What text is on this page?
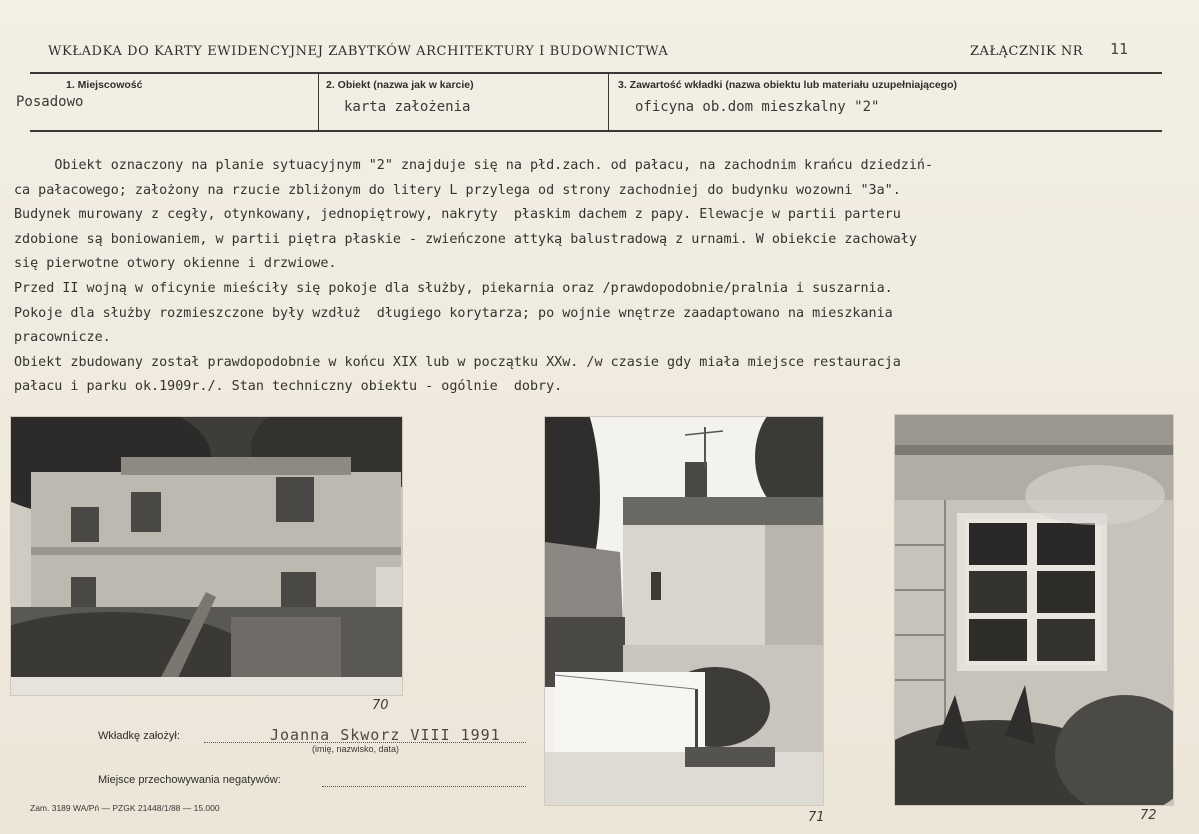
WKŁADKA DO KARTY EWIDENCYJNEJ ZABYTKÓW ARCHITEKTURY I BUDOWNICTWA	ZAŁĄCZNIK NR 11
1. Miejscowość
Posadowo
2. Obiekt (nazwa jak w karcie)
karta założenia
3. Zawartość wkładki (nazwa obiektu lub materiału uzupełniającego)
oficyna ob.dom mieszkalny "2"

Obiekt oznaczony na planie sytuacyjnym "2" znajduje się na płd.zach. od pałacu, na zachodnim krańcu dziedziń-

ca pałacowego; założony na rzucie zbliżonym do litery L przylega od strony zachodniej do budynku wozowni "3a".

Budynek murowany z cegły, otynkowany, jednopiętrowy, nakryty  płaskim dachem z papy. Elewacje w partii parteru

zdobione są boniowaniem, w partii piętra płaskie - zwieńczone attyką balustradową z urnami. W obiekcie zachowały

się pierwotne otwory okienne i drzwiowe.

Przed II wojną w oficynie mieściły się pokoje dla służby, piekarnia oraz /prawdopodobnie/pralnia i suszarnia.

Pokoje dla służby rozmieszczone były wzdłuż  długiego korytarza; po wojnie wnętrze zaadaptowano na mieszkania

pracownicze.

Obiekt zbudowany został prawdopodobnie w końcu XIX lub w początku XXw. /w czasie gdy miała miejsce restauracja

pałacu i parku ok.1909r./. Stan techniczny obiektu - ogólnie  dobry.

70
71	72
Wkładkę założył:	Joanna Skworz VIII 1991
(imię, nazwisko, data)
Miejsce przechowywania negatywów:
Zam. 3189 WA/Pń — PZGK 21448/1/88 — 15.000
